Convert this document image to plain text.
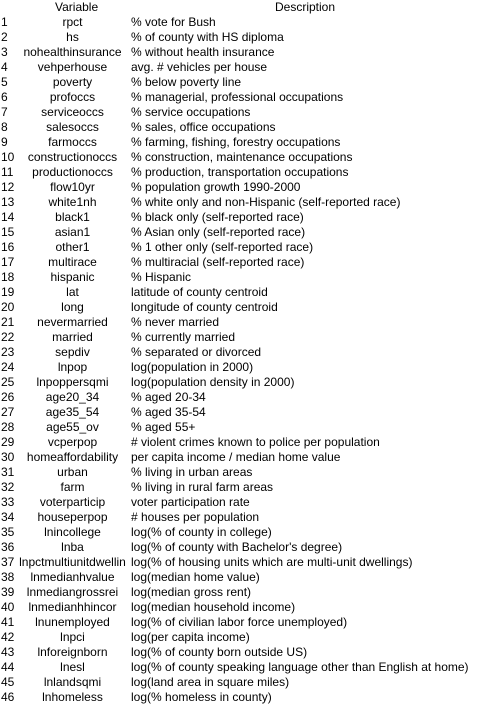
	Variable	Description
1	rpct	% vote for Bush
2	hs	% of county with HS diploma
3	nohealthinsurance	% without health insurance
4	vehperhouse	avg. # vehicles per house
5	poverty	% below poverty line
6	profoccs	% managerial, professional occupations
7	serviceoccs	% service occupations
8	salesoccs	% sales, office occupations
9	farmoccs	% farming, fishing, forestry occupations
10	constructionoccs	% construction, maintenance occupations
11	productionoccs	% production, transportation occupations
12	flow10yr	% population growth 1990-2000
13	white1nh	% white only and non-Hispanic (self-reported race)
14	black1	% black only (self-reported race)
15	asian1	% Asian only (self-reported race)
16	other1	% 1 other only (self-reported race)
17	multirace	% multiracial (self-reported race)
18	hispanic	% Hispanic
19	lat	latitude of county centroid
20	long	longitude of county centroid
21	nevermarried	% never married
22	married	% currently married
23	sepdiv	% separated or divorced
24	lnpop	log(population in 2000)
25	lnpoppersqmi	log(population density in 2000)
26	age20_34	% aged 20-34
27	age35_54	% aged 35-54
28	age55_ov	% aged 55+
29	vcperpop	# violent crimes known to police per population
30	homeaffordability	per capita income / median home value
31	urban	% living in urban areas
32	farm	% living in rural farm areas
33	voterparticip	voter participation rate
34	houseperpop	# houses per population
35	lnincollege	log(% of county in college)
36	lnba	log(% of county with Bachelor's degree)
37	lnpctmultiunitdwellin	log(% of housing units which are multi-unit dwellings)
38	lnmedianhvalue	log(median home value)
39	lnmediangrossrei	log(median gross rent)
40	lnmedianhhincor	log(median household income)
41	lnunemployed	log(% of civilian labor force unemployed)
42	lnpci	log(per capita income)
43	lnforeignborn	log(% of county born outside US)
44	lnesl	log(% of county speaking language other than English at home)
45	lnlandsqmi	log(land area in square miles)
46	lnhomeless	log(% homeless in county)
